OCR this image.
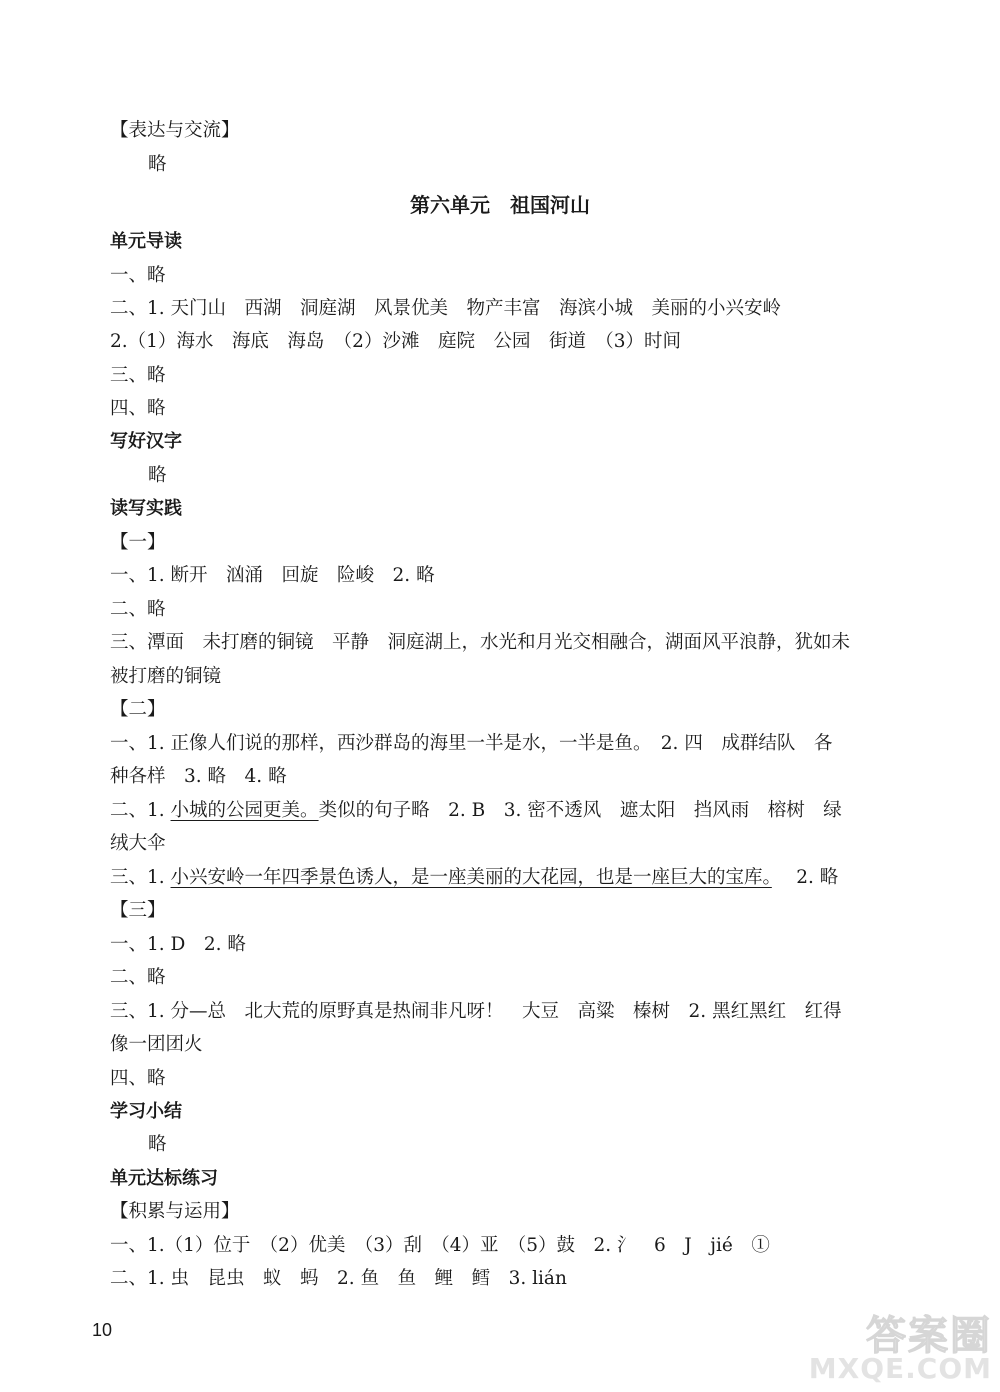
【表达与交流】
略
第六单元　祖国河山
单元导读
一、略
二、1. 天门山　西湖　洞庭湖　风景优美　物产丰富　海滨小城　美丽的小兴安岭
2.（1）海水　海底　海岛　（2）沙滩　庭院　公园　街道　（3）时间
三、略
四、略
写好汉字
略
读写实践
【一】
一、1. 断开　汹涌　回旋　险峻　2. 略
二、略
三、潭面　未打磨的铜镜　平静　洞庭湖上，水光和月光交相融合，湖面风平浪静，犹如未
被打磨的铜镜
【二】
一、1. 正像人们说的那样，西沙群岛的海里一半是水，一半是鱼。　2. 四　成群结队　各
种各样　3. 略　4. 略
二、1. 小城的公园更美。类似的句子略　2. B　3. 密不透风　遮太阳　挡风雨　榕树　绿
绒大伞
三、1. 小兴安岭一年四季景色诱人，是一座美丽的大花园，也是一座巨大的宝库。　 2. 略
【三】
一、1. D　2. 略
二、略
三、1. 分—总　北大荒的原野真是热闹非凡呀！　大豆　高粱　榛树　2. 黑红黑红　红得
像一团团火
四、略
学习小结
略
单元达标练习
【积累与运用】
一、1.（1）位于　（2）优美　（3）刮　（4）亚　（5）鼓　2. 氵　6　J　jié　①
二、1. 虫　昆虫　蚁　蚂　2. 鱼　鱼　鲤　鳕　3. lián
10	答案圈
MXQE.COM
